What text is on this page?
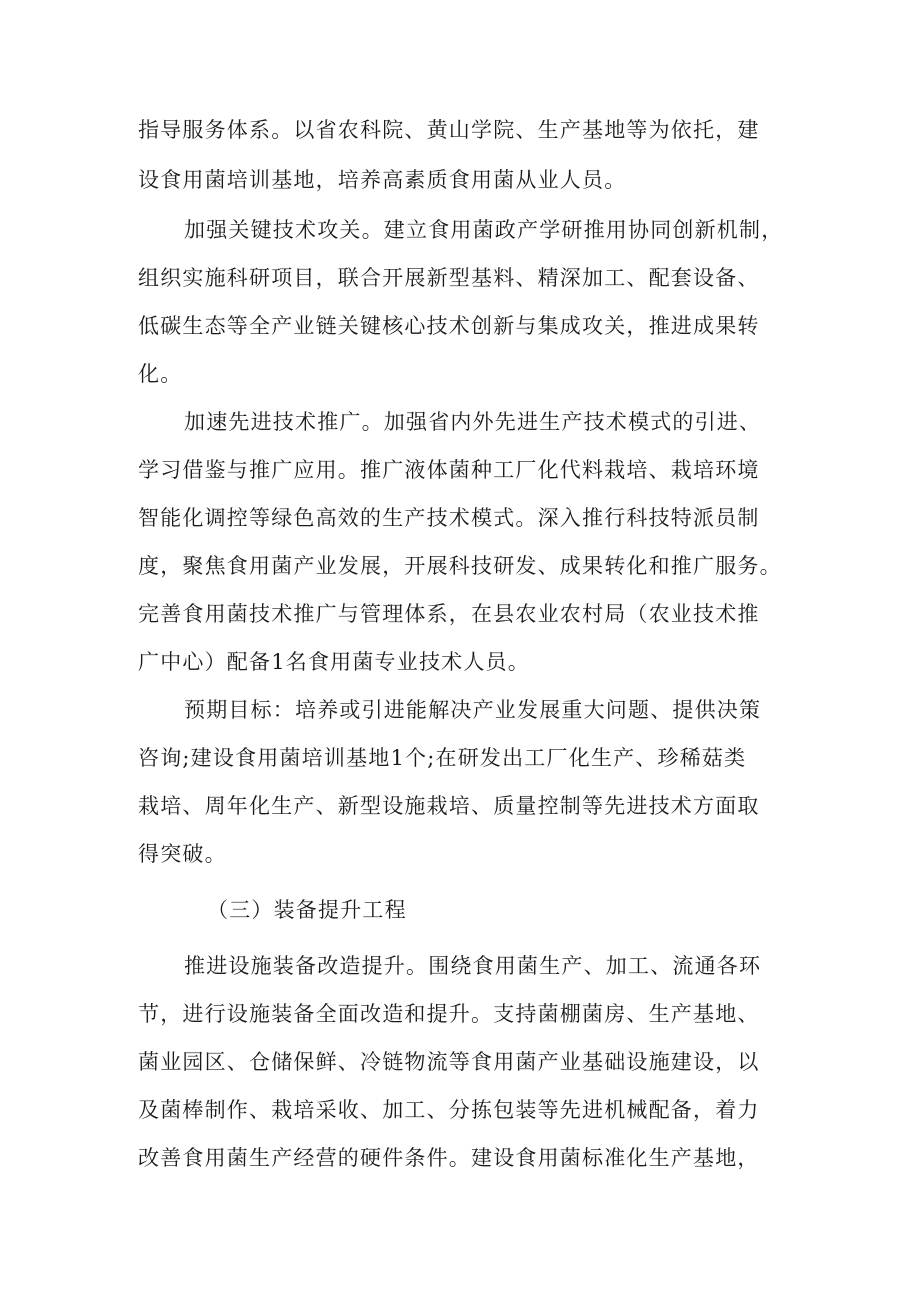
指导服务体系。以省农科院、黄山学院、生产基地等为依托，建
设食用菌培训基地，培养高素质食用菌从业人员。
加强关键技术攻关。建立食用菌政产学研推用协同创新机制，
组织实施科研项目，联合开展新型基料、精深加工、配套设备、
低碳生态等全产业链关键核心技术创新与集成攻关，推进成果转
化。
加速先进技术推广。加强省内外先进生产技术模式的引进、
学习借鉴与推广应用。推广液体菌种工厂化代料栽培、栽培环境
智能化调控等绿色高效的生产技术模式。深入推行科技特派员制
度，聚焦食用菌产业发展，开展科技研发、成果转化和推广服务。
完善食用菌技术推广与管理体系，在县农业农村局（农业技术推
广中心）配备1名食用菌专业技术人员。
预期目标：培养或引进能解决产业发展重大问题、提供决策
咨询;建设食用菌培训基地1个;在研发出工厂化生产、珍稀菇类
栽培、周年化生产、新型设施栽培、质量控制等先进技术方面取
得突破。
（三）装备提升工程
推进设施装备改造提升。围绕食用菌生产、加工、流通各环
节，进行设施装备全面改造和提升。支持菌棚菌房、生产基地、
菌业园区、仓储保鲜、冷链物流等食用菌产业基础设施建设，以
及菌棒制作、栽培采收、加工、分拣包装等先进机械配备，着力
改善食用菌生产经营的硬件条件。建设食用菌标准化生产基地，
